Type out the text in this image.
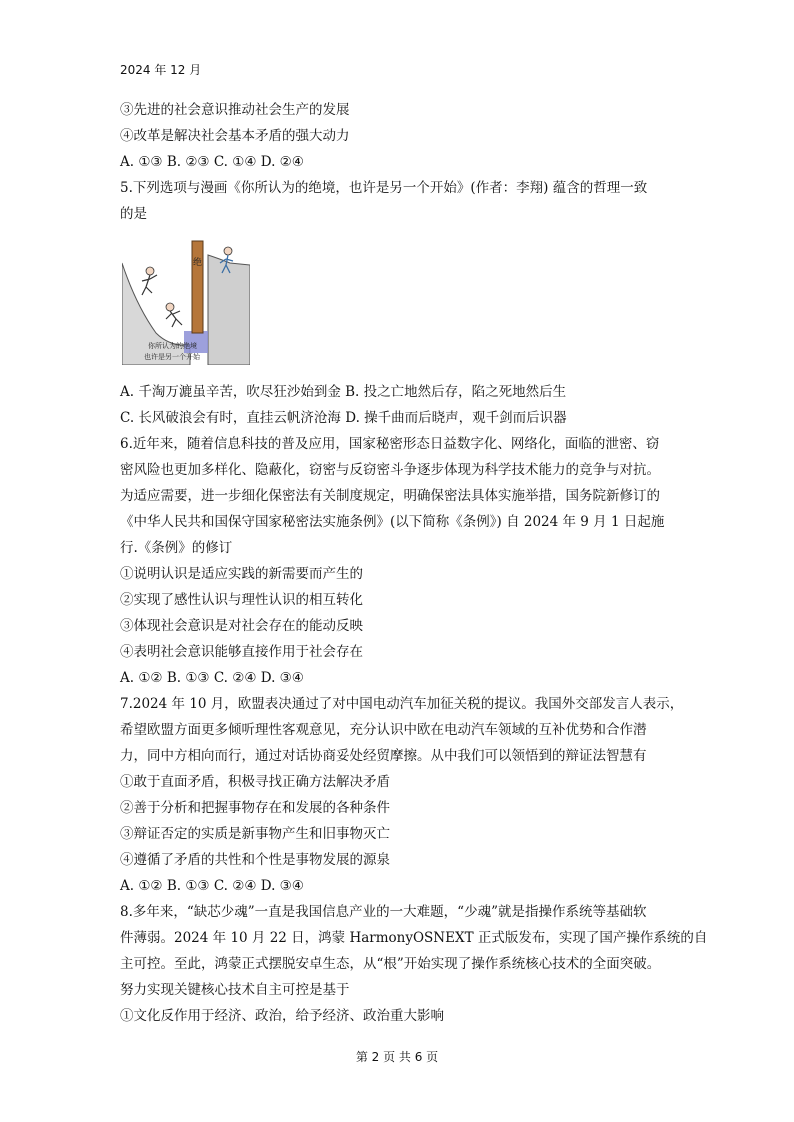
2024 年 12 月
③先进的社会意识推动社会生产的发展
④改革是解决社会基本矛盾的强大动力
A. ①③ B. ②③ C. ①④ D. ②④
5.下列选项与漫画《你所认为的绝境，也许是另一个开始》(作者：李翔) 蕴含的哲理一致
的是
绝
你所认为的绝境
也许是另一个开始
A. 千淘万漉虽辛苦，吹尽狂沙始到金 B. 投之亡地然后存，陷之死地然后生
C. 长风破浪会有时，直挂云帆济沧海 D. 操千曲而后晓声，观千剑而后识器
6.近年来，随着信息科技的普及应用，国家秘密形态日益数字化、网络化，面临的泄密、窃
密风险也更加多样化、隐蔽化，窃密与反窃密斗争逐步体现为科学技术能力的竞争与对抗。
为适应需要，进一步细化保密法有关制度规定，明确保密法具体实施举措，国务院新修订的
《中华人民共和国保守国家秘密法实施条例》(以下简称《条例》) 自 2024 年 9 月 1 日起施
行.《条例》的修订
①说明认识是适应实践的新需要而产生的
②实现了感性认识与理性认识的相互转化
③体现社会意识是对社会存在的能动反映
④表明社会意识能够直接作用于社会存在
A. ①② B. ①③ C. ②④ D. ③④
7.2024 年 10 月，欧盟表决通过了对中国电动汽车加征关税的提议。我国外交部发言人表示，
希望欧盟方面更多倾听理性客观意见，充分认识中欧在电动汽车领域的互补优势和合作潜
力，同中方相向而行，通过对话协商妥处经贸摩擦。从中我们可以领悟到的辩证法智慧有
①敢于直面矛盾，积极寻找正确方法解决矛盾
②善于分析和把握事物存在和发展的各种条件
③辩证否定的实质是新事物产生和旧事物灭亡
④遵循了矛盾的共性和个性是事物发展的源泉
A. ①② B. ①③ C. ②④ D. ③④
8.多年来，“缺芯少魂”一直是我国信息产业的一大难题，“少魂”就是指操作系统等基础软
件薄弱。2024 年 10 月 22 日，鸿蒙 HarmonyOSNEXT 正式版发布，实现了国产操作系统的自
主可控。至此，鸿蒙正式摆脱安卓生态，从“根”开始实现了操作系统核心技术的全面突破。
努力实现关键核心技术自主可控是基于
①文化反作用于经济、政治，给予经济、政治重大影响
第 2 页 共 6 页
